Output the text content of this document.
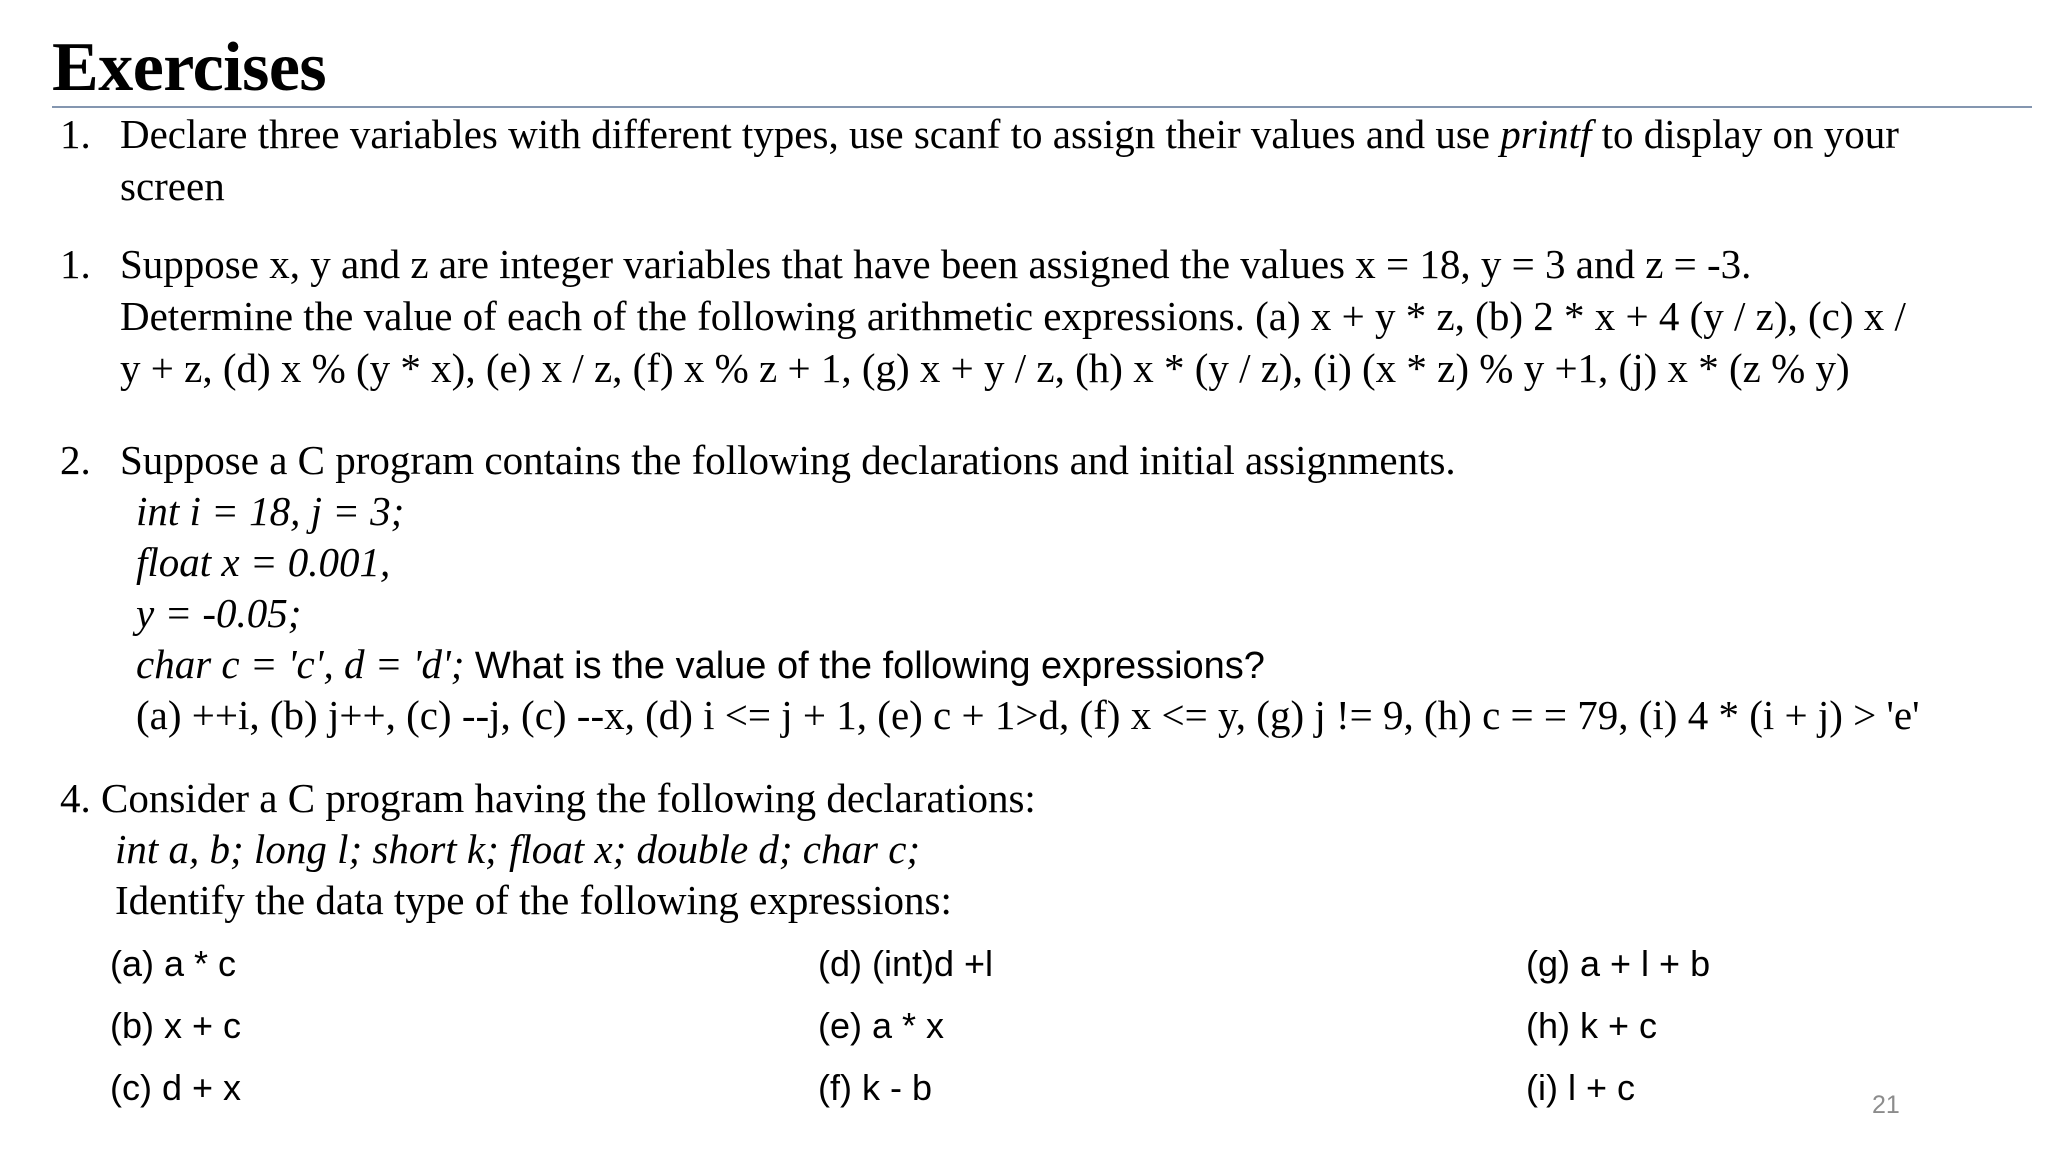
Exercises
1. Declare three variables with different types, use scanf to assign their values and use printf to display on your
screen
1. Suppose x, y and z are integer variables that have been assigned the values x = 18, y = 3 and z = -3.
Determine the value of each of the following arithmetic expressions. (a) x + y * z, (b) 2 * x + 4 (y / z), (c) x /
y + z, (d) x % (y * x), (e) x / z, (f) x % z + 1, (g) x + y / z, (h) x * (y / z), (i) (x * z) % y +1, (j) x * (z % y)
2. Suppose a C program contains the following declarations and initial assignments.
int i = 18, j = 3;
float x = 0.001,
y = -0.05;
char c = 'c', d = 'd'; What is the value of the following expressions?
(a) ++i, (b) j++, (c) --j, (c) --x, (d) i <= j + 1, (e) c + 1>d, (f) x <= y, (g) j != 9, (h) c = = 79, (i) 4 * (i + j) > 'e'
4. Consider a C program having the following declarations:
int a, b; long l; short k; float x; double d; char c;
Identify the data type of the following expressions:
(a) a * c	(d) (int)d +l	(g) a + l + b
(b) x + c	(e) a * x	(h) k + c
(c) d + x	(f) k - b	(i) l + c	21
